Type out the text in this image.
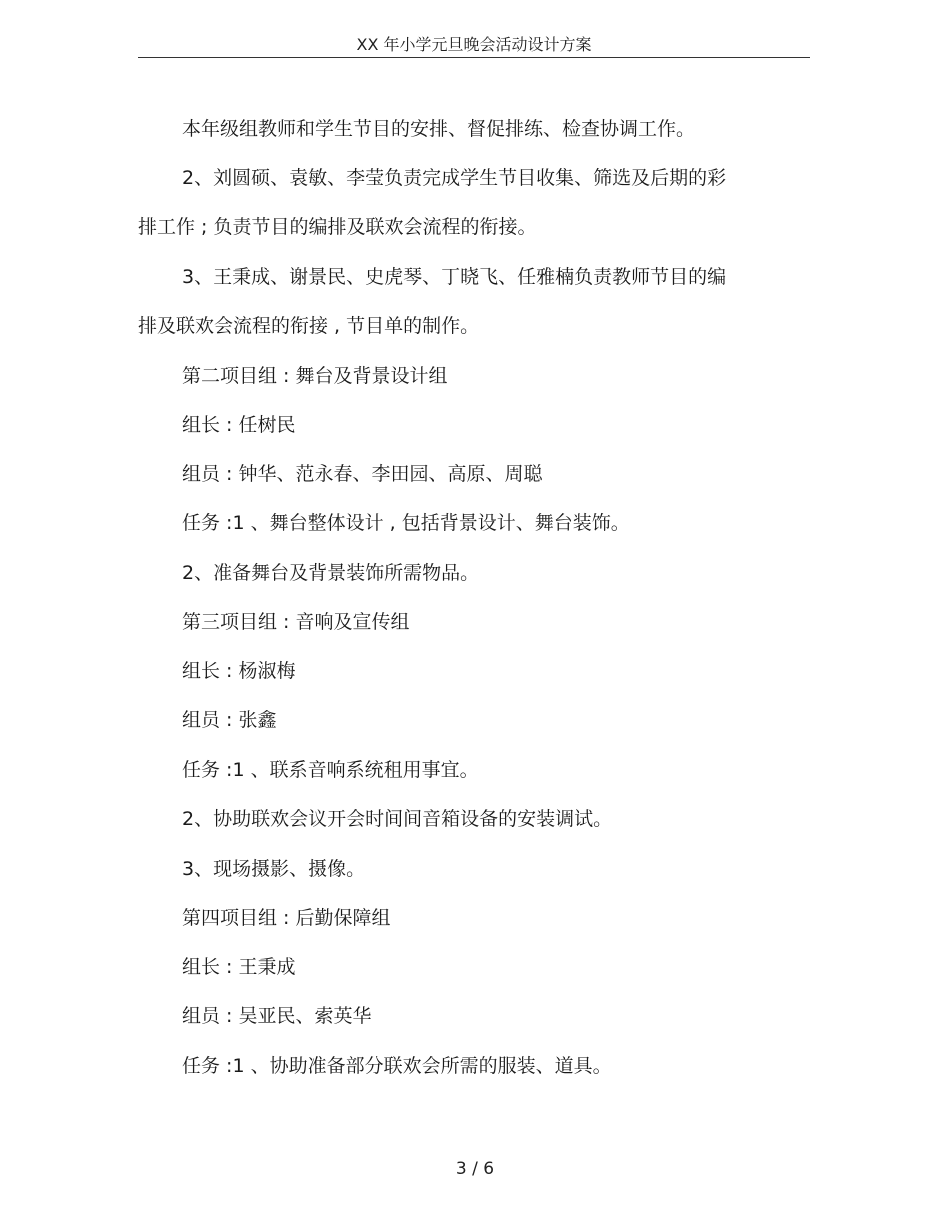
XX 年小学元旦晚会活动设计方案
本年级组教师和学生节目的安排、督促排练、检查协调工作。
2、刘圆硕、袁敏、李莹负责完成学生节目收集、筛选及后期的彩
排工作 ; 负责节目的编排及联欢会流程的衔接。
3、王秉成、谢景民、史虎琴、丁晓飞、任雅楠负责教师节目的编
排及联欢会流程的衔接 , 节目单的制作。
第二项目组 : 舞台及背景设计组
组长 : 任树民
组员 : 钟华、范永春、李田园、高原、周聪
任务 :1 、舞台整体设计 , 包括背景设计、舞台装饰。
2、准备舞台及背景装饰所需物品。
第三项目组 : 音响及宣传组
组长 : 杨淑梅
组员 : 张鑫
任务 :1 、联系音响系统租用事宜。
2、协助联欢会议开会时间间音箱设备的安装调试。
3、现场摄影、摄像。
第四项目组 : 后勤保障组
组长 : 王秉成
组员 : 吴亚民、索英华
任务 :1 、协助准备部分联欢会所需的服装、道具。
3 / 6
